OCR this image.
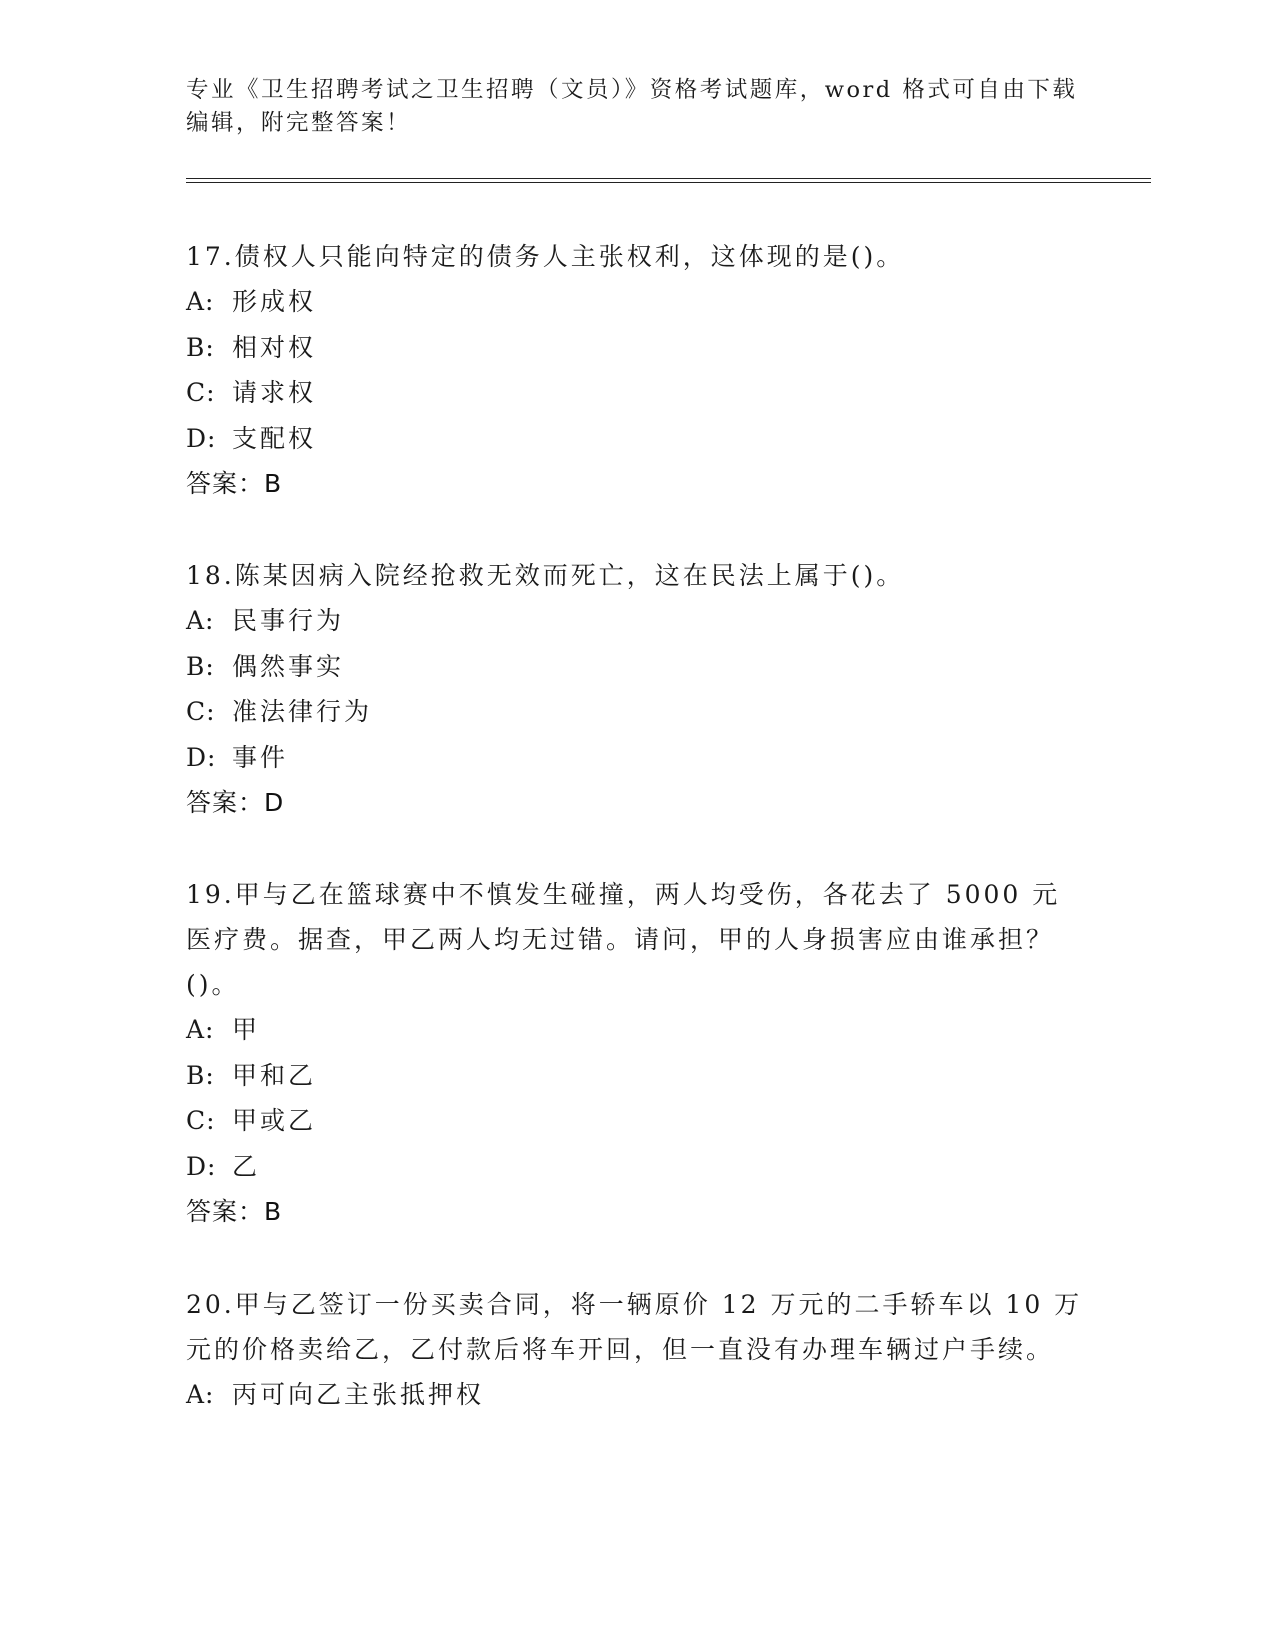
专业《卫生招聘考试之卫生招聘（文员）》资格考试题库，word 格式可自由下载编辑，附完整答案！

17.债权人只能向特定的债务人主张权利，这体现的是()。

A: 形成权

B: 相对权

C: 请求权

D: 支配权

答案：B

18.陈某因病入院经抢救无效而死亡，这在民法上属于()。

A: 民事行为

B: 偶然事实

C: 准法律行为

D: 事件

答案：D

19.甲与乙在篮球赛中不慎发生碰撞，两人均受伤，各花去了 5000 元医疗费。据查，甲乙两人均无过错。请问，甲的人身损害应由谁承担？()。

A: 甲

B: 甲和乙

C: 甲或乙

D: 乙

答案：B

20.甲与乙签订一份买卖合同，将一辆原价 12 万元的二手轿车以 10 万元的价格卖给乙，乙付款后将车开回，但一直没有办理车辆过户手续。

A: 丙可向乙主张抵押权
